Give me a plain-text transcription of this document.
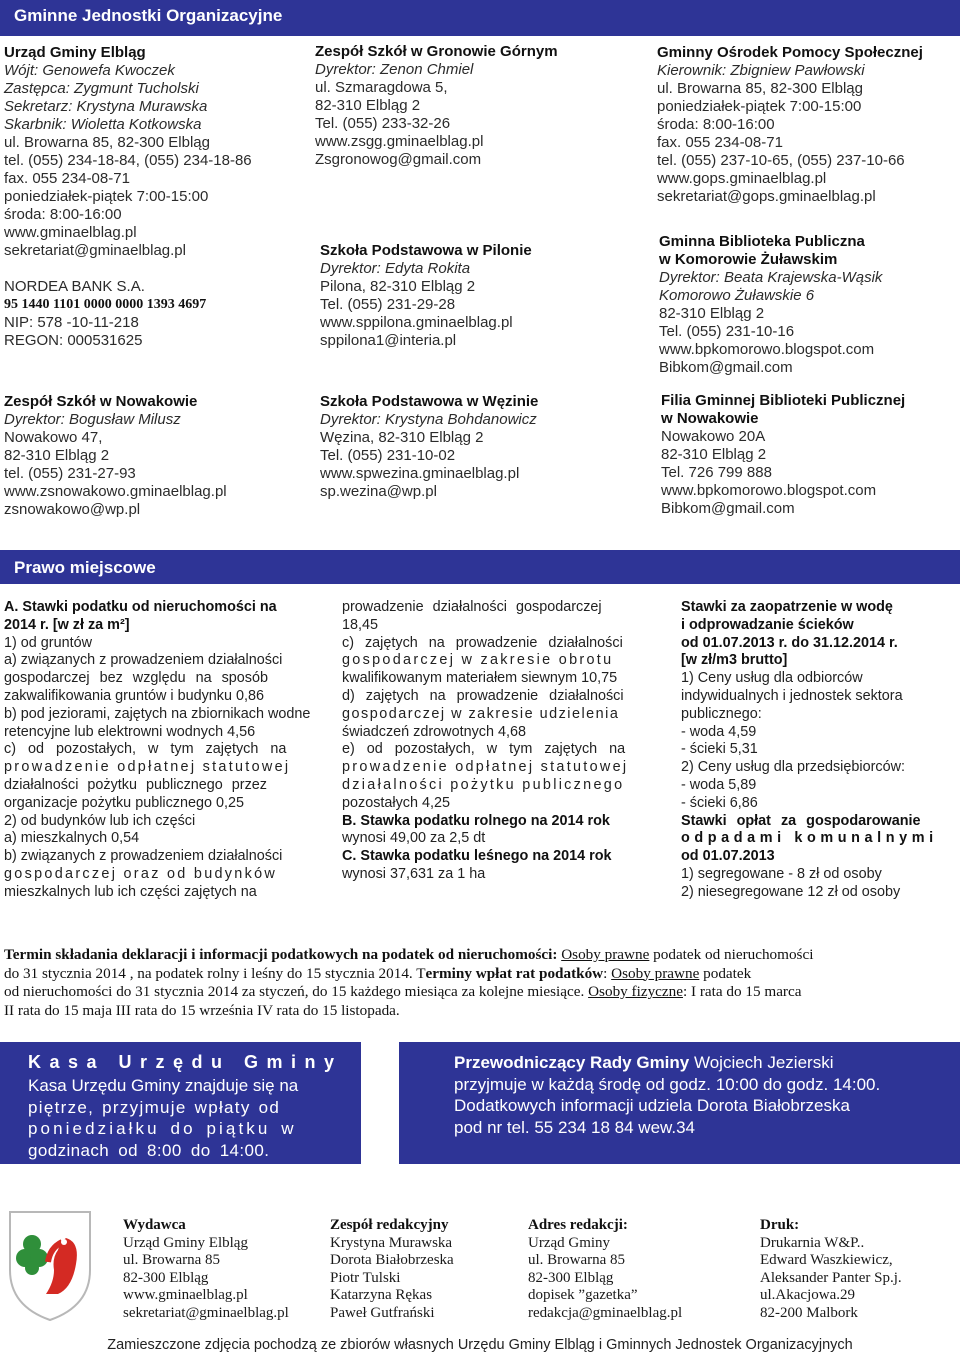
Gminne Jednostki Organizacyjne
Urząd Gminy Elbląg
Wójt: Genowefa Kwoczek
Zastępca: Zygmunt Tucholski
Sekretarz: Krystyna Murawska
Skarbnik: Wioletta Kotkowska
ul. Browarna 85, 82-300 Elbląg
tel. (055) 234-18-84, (055) 234-18-86
fax. 055 234-08-71
poniedziałek-piątek 7:00-15:00
środa: 8:00-16:00
www.gminaelblag.pl
sekretariat@gminaelblag.pl
NORDEA BANK S.A.
95 1440 1101 0000 0000 1393 4697
NIP: 578 -10-11-218
REGON: 000531625
Zespół Szkół w Nowakowie
Dyrektor: Bogusław Milusz
Nowakowo 47,
82-310 Elbląg 2
tel. (055) 231-27-93
www.zsnowakowo.gminaelblag.pl
zsnowakowo@wp.pl
Zespół Szkół w Gronowie Górnym
Dyrektor: Zenon Chmiel
ul. Szmaragdowa 5,
82-310 Elbląg 2
Tel. (055) 233-32-26
www.zsgg.gminaelblag.pl
Zsgronowog@gmail.com
Szkoła Podstawowa w Pilonie
Dyrektor: Edyta Rokita
Pilona, 82-310 Elbląg 2
Tel. (055) 231-29-28
www.sppilona.gminaelblag.pl
sppilona1@interia.pl
Szkoła Podstawowa w Węzinie
Dyrektor: Krystyna Bohdanowicz
Węzina, 82-310 Elbląg 2
Tel. (055) 231-10-02
www.spwezina.gminaelblag.pl
sp.wezina@wp.pl
Gminny Ośrodek Pomocy Społecznej
Kierownik: Zbigniew Pawłowski
ul. Browarna 85, 82-300 Elbląg
poniedziałek-piątek 7:00-15:00
środa: 8:00-16:00
fax. 055 234-08-71
tel. (055) 237-10-65, (055) 237-10-66
www.gops.gminaelblag.pl
sekretariat@gops.gminaelblag.pl
Gminna Biblioteka Publiczna
w Komorowie Żuławskim
Dyrektor: Beata Krajewska-Wąsik
Komorowo Żuławskie 6
82-310 Elbląg 2
Tel. (055) 231-10-16
www.bpkomorowo.blogspot.com
Bibkom@gmail.com
Filia Gminnej Biblioteki Publicznej
w Nowakowie
Nowakowo 20A
82-310 Elbląg 2
Tel. 726 799 888
www.bpkomorowo.blogspot.com
Bibkom@gmail.com
Prawo miejscowe
A. Stawki podatku od nieruchomości na
2014 r. [w zł za m²]
1) od gruntów
a) związanych z prowadzeniem działalności
gospodarczej bez względu na sposób
zakwalifikowania gruntów i budynku 0,86
b) pod jeziorami, zajętych na zbiornikach wodne
retencyjne lub elektrowni wodnych 4,56
c) od pozostałych, w tym zajętych na
prowadzenie odpłatnej statutowej
działalności pożytku publicznego przez
organizacje pożytku publicznego 0,25
2) od budynków lub ich części
a) mieszkalnych 0,54
b) związanych z prowadzeniem działalności
gospodarczej oraz od budynków
mieszkalnych lub ich części zajętych na
prowadzenie działalności gospodarczej
18,45
c) zajętych na prowadzenie działalności
gospodarczej w zakresie obrotu
kwalifikowanym materiałem siewnym 10,75
d) zajętych na prowadzenie działalności
gospodarczej w zakresie udzielenia
świadczeń zdrowotnych 4,68
e) od pozostałych, w tym zajętych na
prowadzenie odpłatnej statutowej
działalności pożytku publicznego
pozostałych 4,25
B. Stawka podatku rolnego na 2014 rok
wynosi 49,00 za 2,5 dt
C. Stawka podatku leśnego na 2014 rok
wynosi 37,631 za 1 ha
Stawki za zaopatrzenie w wodę
i odprowadzanie ścieków
od 01.07.2013 r. do 31.12.2014 r.
[w zł/m3 brutto]
1) Ceny usług dla odbiorców
indywidualnych i jednostek sektora
publicznego:
- woda 4,59
- ścieki 5,31
2) Ceny usług dla przedsiębiorców:
- woda 5,89
- ścieki 6,86
Stawki opłat za gospodarowanie
odpadami komunalnymi
od 01.07.2013
1) segregowane - 8 zł od osoby
2) niesegregowane 12 zł od osoby
Termin składania deklaracji i informacji podatkowych na podatek od nieruchomości: Osoby prawne podatek od nieruchomości
do 31 stycznia 2014 , na podatek rolny i leśny do 15 stycznia 2014. Terminy wpłat rat podatków: Osoby prawne podatek
od nieruchomości do 31 stycznia 2014 za styczeń, do 15 każdego miesiąca za kolejne miesiące. Osoby fizyczne: I rata do 15 marca
II rata do 15 maja III rata do 15 września IV rata do 15 listopada.
Kasa Urzędu Gminy
Kasa Urzędu Gminy znajduje się na
piętrze, przyjmuje wpłaty od
poniedziałku do piątku w
godzinach od 8:00 do 14:00.
Przewodniczący Rady Gminy Wojciech Jezierski
przyjmuje w każdą środę od godz. 10:00 do godz. 14:00.
Dodatkowych informacji udziela Dorota Białobrzeska
pod nr tel. 55 234 18 84 wew.34
Wydawca
Urząd Gminy Elbląg
ul. Browarna 85
82-300 Elbląg
www.gminaelblag.pl
sekretariat@gminaelblag.pl
Zespół redakcyjny
Krystyna Murawska
Dorota Białobrzeska
Piotr Tulski
Katarzyna Rękas
Paweł Gutfrański
Adres redakcji:
Urząd Gminy
ul. Browarna 85
82-300 Elbląg
dopisek ”gazetka”
redakcja@gminaelblag.pl
Druk:
Drukarnia W&P..
Edward Waszkiewicz,
Aleksander Panter Sp.j.
ul.Akacjowa.29
82-200 Malbork
Zamieszczone zdjęcia pochodzą ze zbiorów własnych Urzędu Gminy Elbląg i Gminnych Jednostek Organizacyjnych
